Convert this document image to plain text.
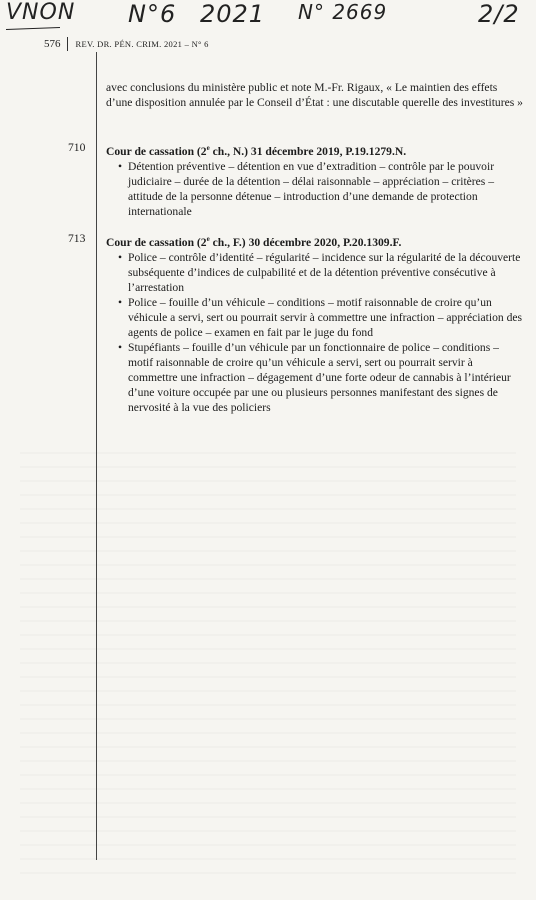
VNON N°6 2021 N° 2669	2/2
576 REV. DR. PÉN. CRIM. 2021 – N° 6

avec conclusions du ministère public et note M.-Fr. Rigaux, « Le maintien des effets d’une disposition annulée par le Conseil d’État : une discutable querelle des investitures »

710 Cour de cassation (2e ch., N.) 31 décembre 2019, P.19.1279.N.

• Détention préventive – détention en vue d’extradition – contrôle par le pouvoir judiciaire – durée de la détention – délai raisonnable – appréciation – critères – attitude de la personne détenue – introduction d’une demande de protection internationale
713 Cour de cassation (2e ch., F.) 30 décembre 2020, P.20.1309.F.

• Police – contrôle d’identité – régularité – incidence sur la régularité de la découverte subséquente d’indices de culpabilité et de la détention préventive consécutive à l’arrestation
• Police – fouille d’un véhicule – conditions – motif raisonnable de croire qu’un véhicule a servi, sert ou pourrait servir à commettre une infraction – appréciation des agents de police – examen en fait par le juge du fond
• Stupéfiants – fouille d’un véhicule par un fonctionnaire de police – conditions – motif raisonnable de croire qu’un véhicule a servi, sert ou pourrait servir à commettre une infraction – dégagement d’une forte odeur de cannabis à l’intérieur d’une voiture occupée par une ou plusieurs personnes manifestant des signes de nervosité à la vue des policiers
